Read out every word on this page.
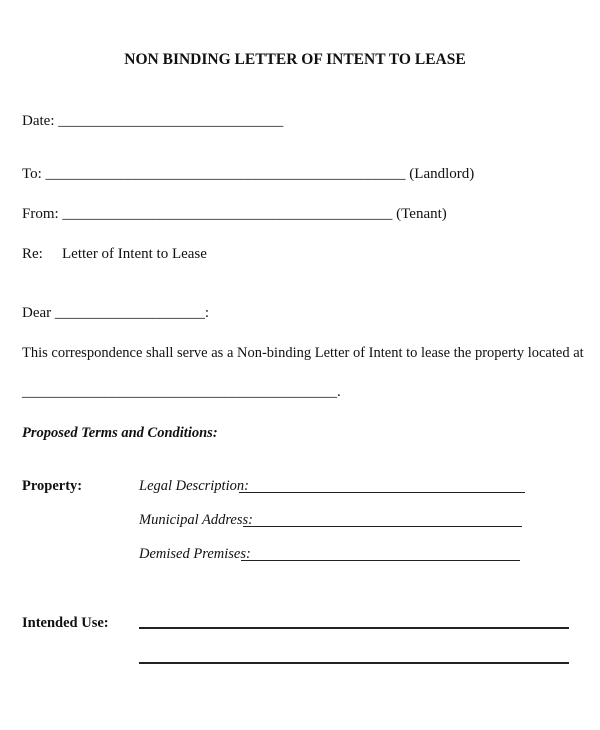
NON BINDING LETTER OF INTENT TO LEASE
Date: ______________________________
To: ________________________________________________ (Landlord)
From: ____________________________________________ (Tenant)
Re: Letter of Intent to Lease
Dear ____________________:
This correspondence shall serve as a Non-binding Letter of Intent to lease the property located at
__________________________________________.
Proposed Terms and Conditions:
Property:	Legal Description:
Municipal Address:
Demised Premises:
Intended Use:
